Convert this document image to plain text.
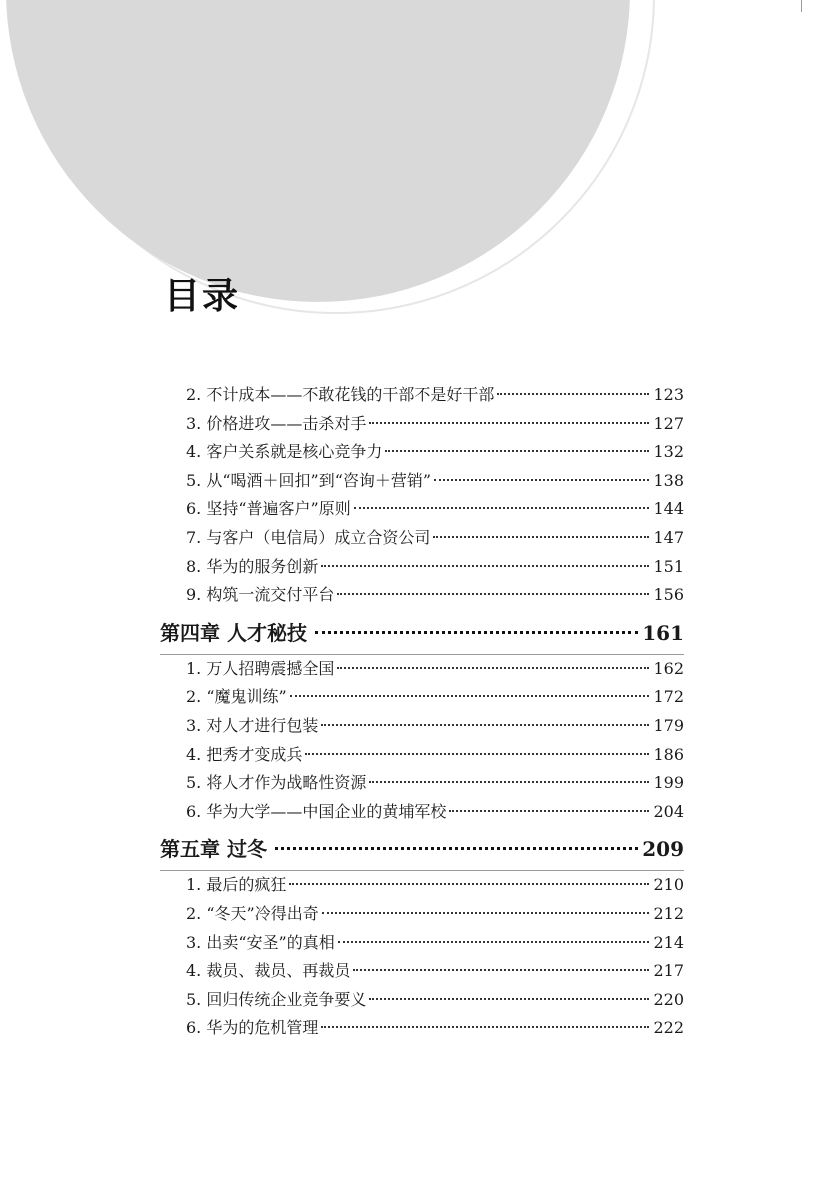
目录
2. 不计成本——不敢花钱的干部不是好干部	123
3. 价格进攻——击杀对手	127
4. 客户关系就是核心竞争力	132
5. 从“喝酒＋回扣”到“咨询＋营销”	138
6. 坚持“普遍客户”原则	144
7. 与客户（电信局）成立合资公司	147
8. 华为的服务创新	151
9. 构筑一流交付平台	156
第四章 人才秘技	161
1. 万人招聘震撼全国	162
2. “魔鬼训练”	172
3. 对人才进行包装	179
4. 把秀才变成兵	186
5. 将人才作为战略性资源	199
6. 华为大学——中国企业的黄埔军校	204
第五章 过冬	209
1. 最后的疯狂	210
2. “冬天”冷得出奇	212
3. 出卖“安圣”的真相	214
4. 裁员、裁员、再裁员	217
5. 回归传统企业竞争要义	220
6. 华为的危机管理	222
